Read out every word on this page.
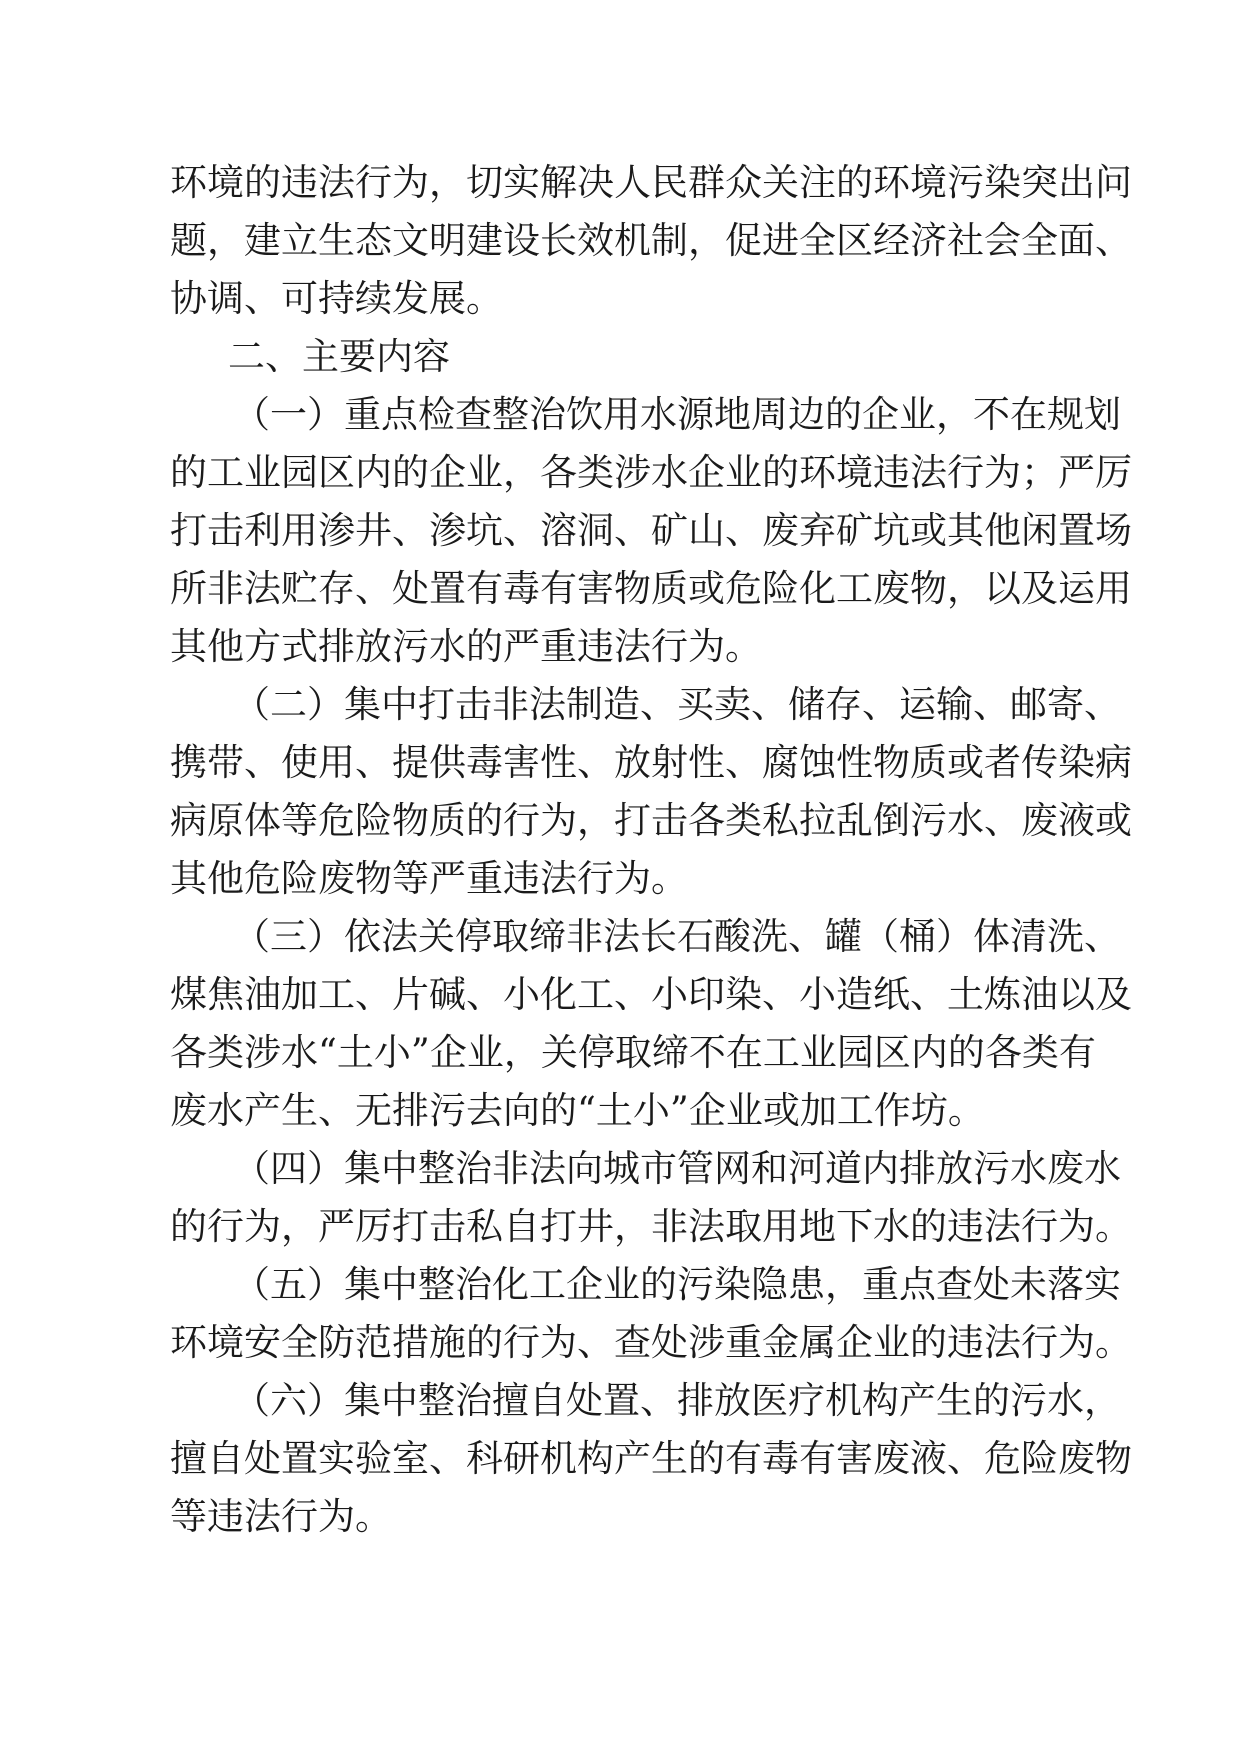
环境的违法行为，切实解决人民群众关注的环境污染突出问
题，建立生态文明建设长效机制，促进全区经济社会全面、
协调、可持续发展。
二、主要内容
（一）重点检查整治饮用水源地周边的企业，不在规划
的工业园区内的企业，各类涉水企业的环境违法行为；严厉
打击利用渗井、渗坑、溶洞、矿山、废弃矿坑或其他闲置场
所非法贮存、处置有毒有害物质或危险化工废物，以及运用
其他方式排放污水的严重违法行为。
（二）集中打击非法制造、买卖、储存、运输、邮寄、
携带、使用、提供毒害性、放射性、腐蚀性物质或者传染病
病原体等危险物质的行为，打击各类私拉乱倒污水、废液或
其他危险废物等严重违法行为。
（三）依法关停取缔非法长石酸洗、罐（桶）体清洗、
煤焦油加工、片碱、小化工、小印染、小造纸、土炼油以及
各类涉水“土小”企业，关停取缔不在工业园区内的各类有
废水产生、无排污去向的“土小”企业或加工作坊。
（四）集中整治非法向城市管网和河道内排放污水废水
的行为，严厉打击私自打井，非法取用地下水的违法行为。
（五）集中整治化工企业的污染隐患，重点查处未落实
环境安全防范措施的行为、查处涉重金属企业的违法行为。
（六）集中整治擅自处置、排放医疗机构产生的污水，
擅自处置实验室、科研机构产生的有毒有害废液、危险废物
等违法行为。
